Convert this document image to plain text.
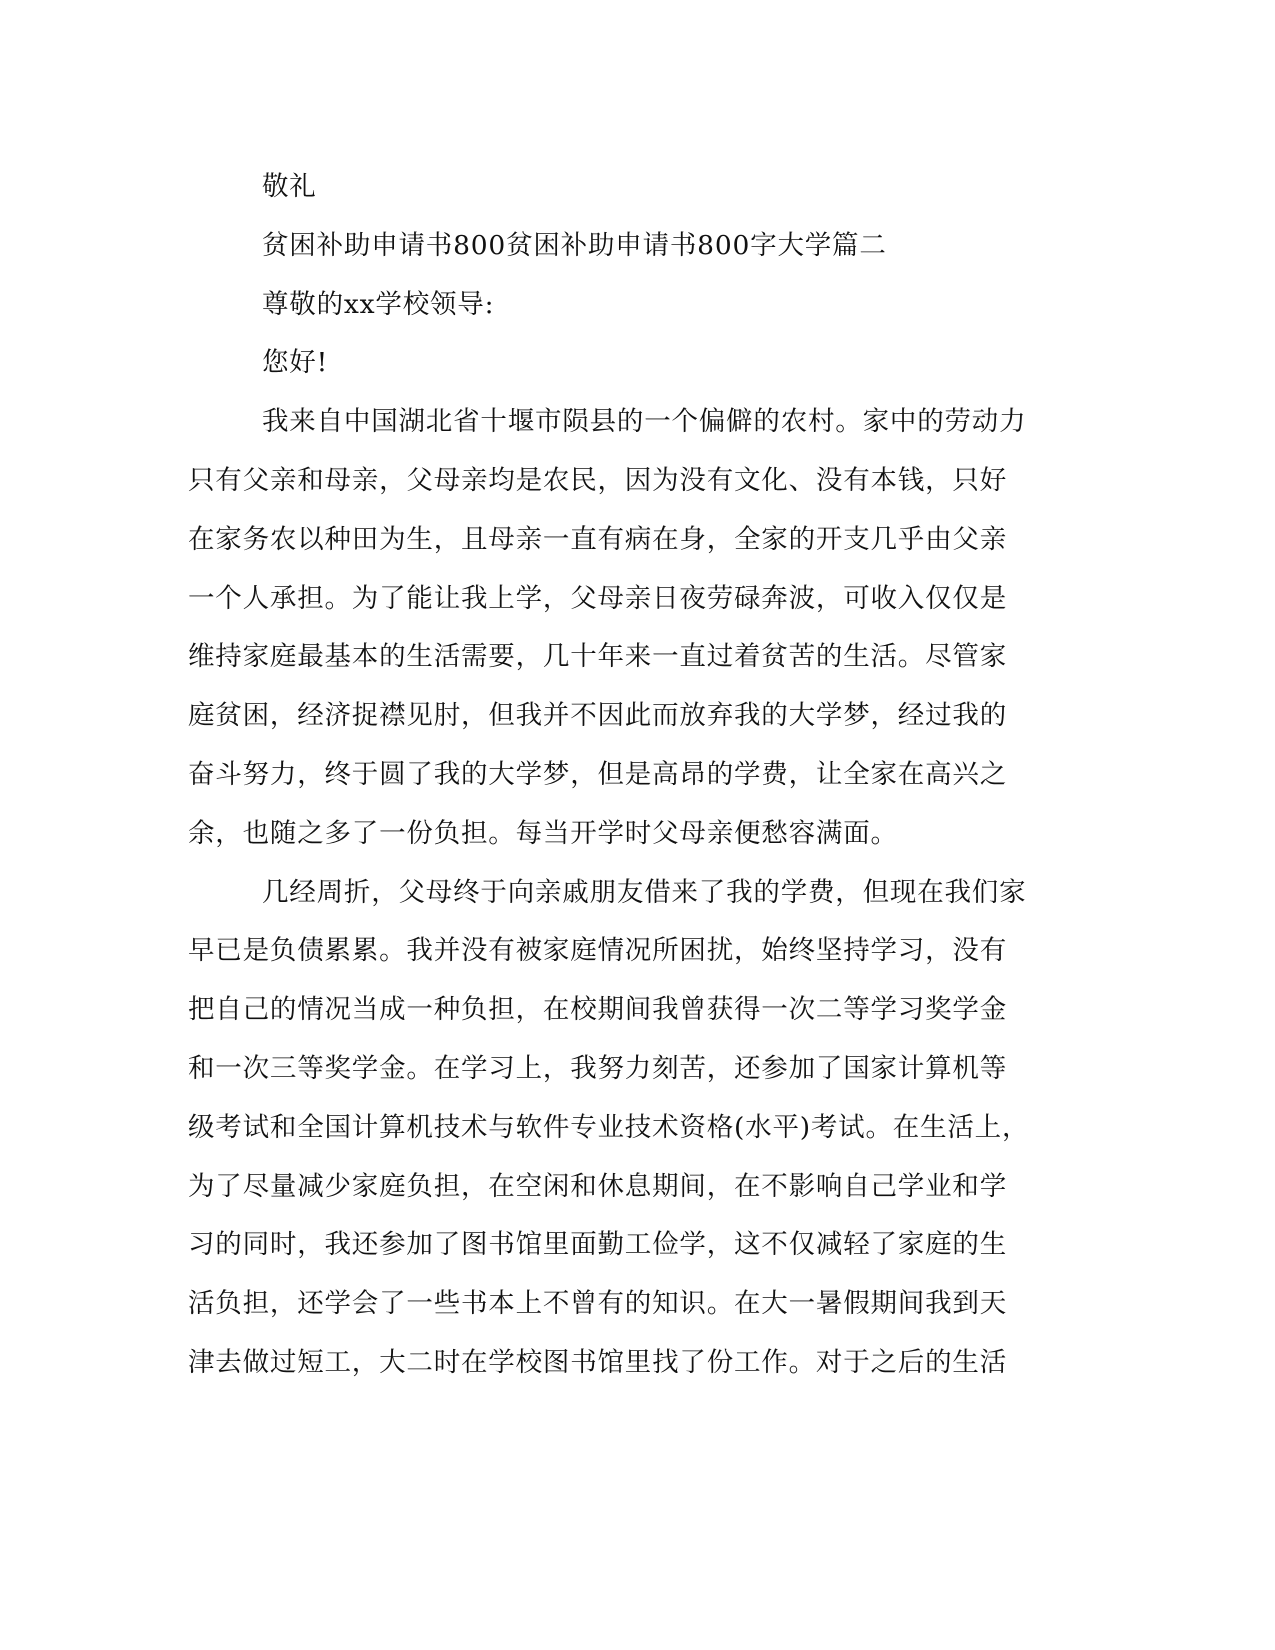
敬礼
贫困补助申请书800贫困补助申请书800字大学篇二
尊敬的xx学校领导:
您好!
我来自中国湖北省十堰市陨县的一个偏僻的农村。家中的劳动力
只有父亲和母亲，父母亲均是农民，因为没有文化、没有本钱，只好
在家务农以种田为生，且母亲一直有病在身，全家的开支几乎由父亲
一个人承担。为了能让我上学，父母亲日夜劳碌奔波，可收入仅仅是
维持家庭最基本的生活需要，几十年来一直过着贫苦的生活。尽管家
庭贫困，经济捉襟见肘，但我并不因此而放弃我的大学梦，经过我的
奋斗努力，终于圆了我的大学梦，但是高昂的学费，让全家在高兴之
余，也随之多了一份负担。每当开学时父母亲便愁容满面。
几经周折，父母终于向亲戚朋友借来了我的学费，但现在我们家
早已是负债累累。我并没有被家庭情况所困扰，始终坚持学习，没有
把自己的情况当成一种负担，在校期间我曾获得一次二等学习奖学金
和一次三等奖学金。在学习上，我努力刻苦，还参加了国家计算机等
级考试和全国计算机技术与软件专业技术资格(水平)考试。在生活上，
为了尽量减少家庭负担，在空闲和休息期间，在不影响自己学业和学
习的同时，我还参加了图书馆里面勤工俭学，这不仅减轻了家庭的生
活负担，还学会了一些书本上不曾有的知识。在大一暑假期间我到天
津去做过短工，大二时在学校图书馆里找了份工作。对于之后的生活
